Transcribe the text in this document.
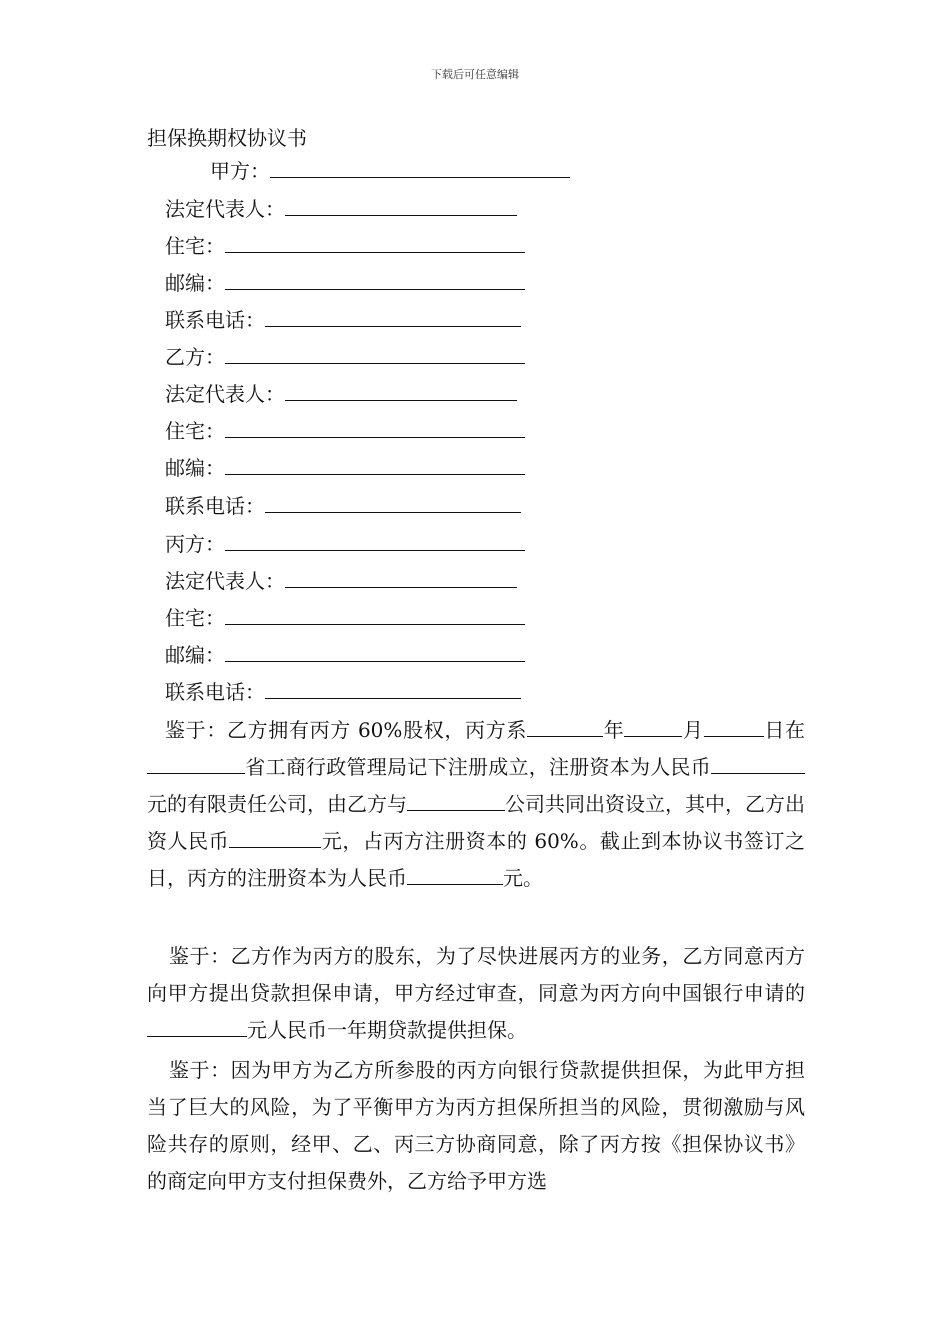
下载后可任意编辑
担保换期权协议书
甲方：
法定代表人：
住宅：
邮编：
联系电话：
乙方：
法定代表人：
住宅：
邮编：
联系电话：
丙方：
法定代表人：
住宅：
邮编：
联系电话：
鉴于：乙方拥有丙方 60%股权，丙方系	年	月	日在省工商行政管理局记下注册成立，注册资本为人民币元的有限责任公司，由乙方与	公司共同出资设立，其中，乙方出资人民币	元，占丙方注册资本的 60%。截止到本协议书签订之日，丙方的注册资本为人民币	元。
鉴于：乙方作为丙方的股东，为了尽快进展丙方的业务，乙方同意丙方向甲方提出贷款担保申请，甲方经过审查，同意为丙方向中国银行申请的元人民币一年期贷款提供担保。
鉴于：因为甲方为乙方所参股的丙方向银行贷款提供担保，为此甲方担当了巨大的风险，为了平衡甲方为丙方担保所担当的风险，贯彻激励与风险共存的原则，经甲、乙、丙三方协商同意，除了丙方按《担保协议书》的商定向甲方支付担保费外，乙方给予甲方选
